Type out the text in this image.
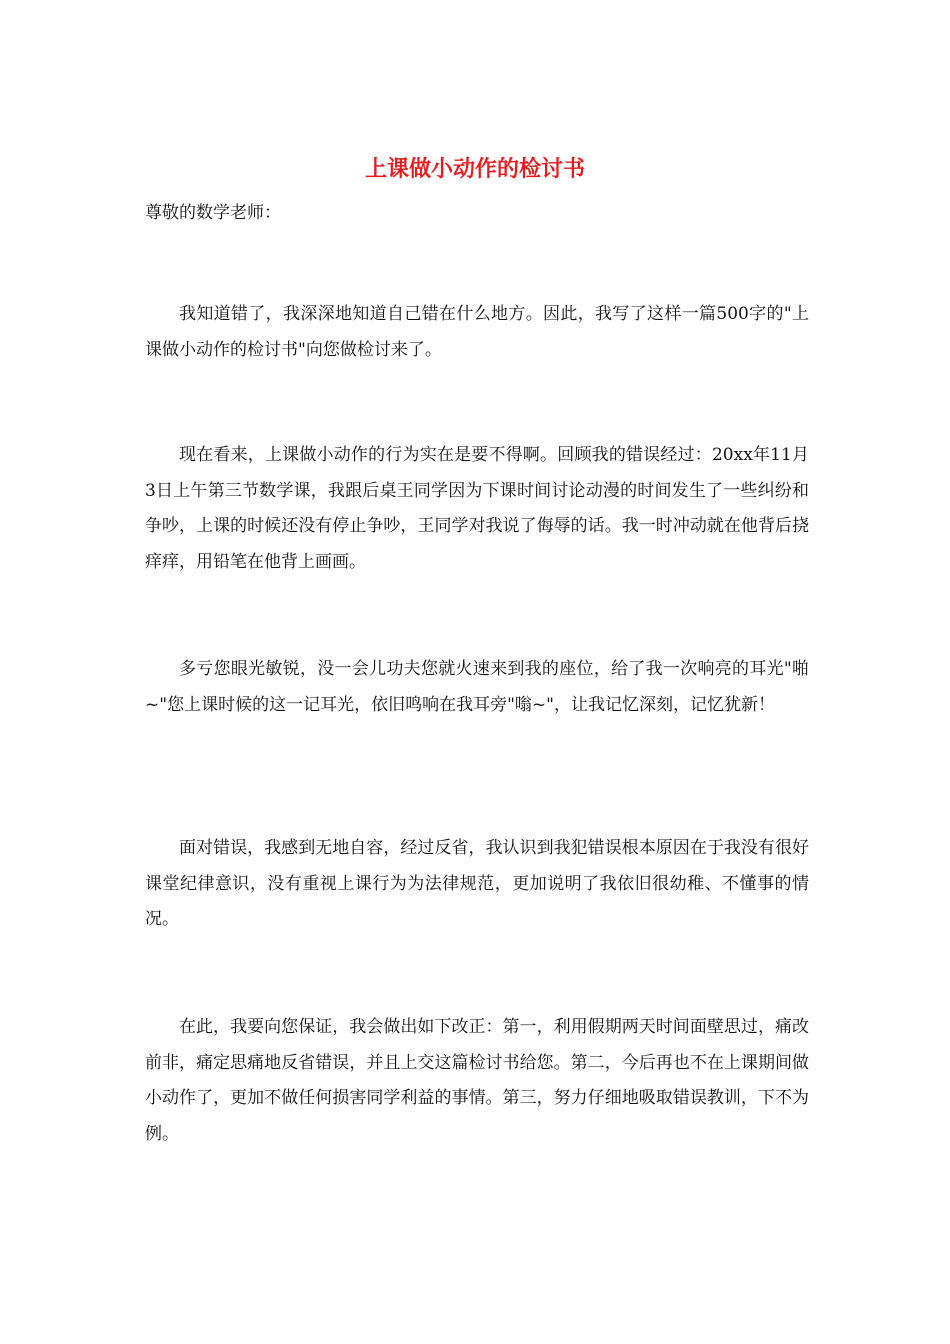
上课做小动作的检讨书

尊敬的数学老师：

我知道错了，我深深地知道自己错在什么地方。因此，我写了这样一篇500字的"上课做小动作的检讨书"向您做检讨来了。

现在看来，上课做小动作的行为实在是要不得啊。回顾我的错误经过：20xx年11月3日上午第三节数学课，我跟后桌王同学因为下课时间讨论动漫的时间发生了一些纠纷和争吵，上课的时候还没有停止争吵，王同学对我说了侮辱的话。我一时冲动就在他背后挠痒痒，用铅笔在他背上画画。

多亏您眼光敏锐，没一会儿功夫您就火速来到我的座位，给了我一次响亮的耳光"啪~"您上课时候的这一记耳光，依旧鸣响在我耳旁"嗡~"，让我记忆深刻，记忆犹新！

面对错误，我感到无地自容，经过反省，我认识到我犯错误根本原因在于我没有很好课堂纪律意识，没有重视上课行为为法律规范，更加说明了我依旧很幼稚、不懂事的情况。

在此，我要向您保证，我会做出如下改正：第一，利用假期两天时间面壁思过，痛改前非，痛定思痛地反省错误，并且上交这篇检讨书给您。第二，今后再也不在上课期间做小动作了，更加不做任何损害同学利益的事情。第三，努力仔细地吸取错误教训，下不为例。
